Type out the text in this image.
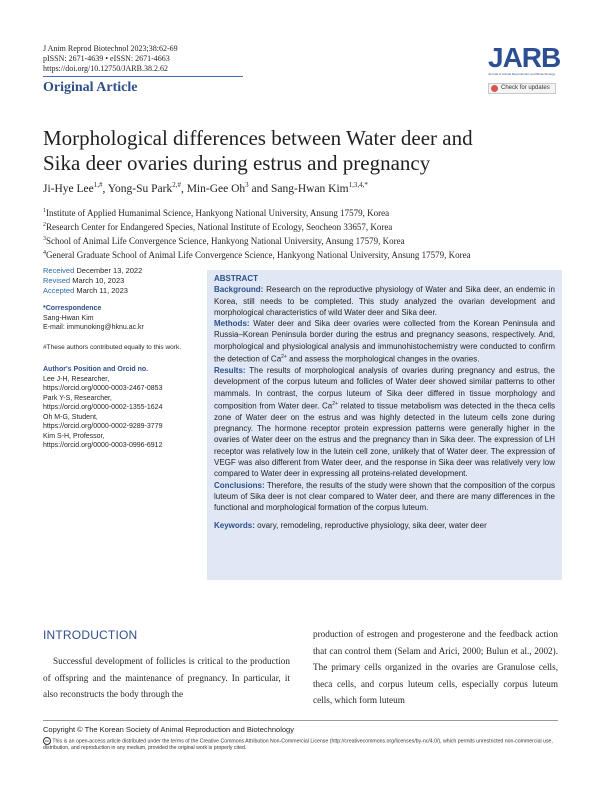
J Anim Reprod Biotechnol 2023;38:62-69
pISSN: 2671-4639 • eISSN: 2671-4663
https://doi.org/10.12750/JARB.38.2.62
Original Article
JARB
Journal of Animal Reproduction and Biotechnology
Check for updates
Morphological differences between Water deer and
Sika deer ovaries during estrus and pregnancy
Ji-Hye Lee$^{1,\#}$, Yong-Su Park$^{2,\#}$, Min-Gee Oh$^3$ and Sang-Hwan Kim$^{1,3,4,*}$
$^1$Institute of Applied Humanimal Science, Hankyong National University, Ansung 17579, Korea
$^2$Research Center for Endangered Species, National Institute of Ecology, Seocheon 33657, Korea
$^3$School of Animal Life Convergence Science, Hankyong National University, Ansung 17579, Korea
$^4$General Graduate School of Animal Life Convergence Science, Hankyong National University, Ansung 17579, Korea
Received December 13, 2022
Revised March 10, 2023
Accepted March 11, 2023
*Correspondence
Sang-Hwan Kim
E-mail: immunoking@hknu.ac.kr
#These authors contributed equally to this work.
Author's Position and Orcid no.
Lee J-H, Researcher,
https://orcid.org/0000-0003-2467-0853
Park Y-S, Researcher,
https://orcid.org/0000-0002-1355-1624
Oh M-G, Student,
https://orcid.org/0000-0002-9289-3779
Kim S-H, Professor,
https://orcid.org/0000-0003-0996-6912
ABSTRACT

Background: Research on the reproductive physiology of Water and Sika deer, an endemic in Korea, still needs to be completed. This study analyzed the ovarian development and morphological characteristics of wild Water deer and Sika deer.

Methods: Water deer and Sika deer ovaries were collected from the Korean Peninsula and Russia–Korean Peninsula border during the estrus and pregnancy seasons, respectively. And, morphological and physiological analysis and immunohistochemistry were conducted to confirm the detection of $Ca^{2+}$ and assess the morphological changes in the ovaries.

Results: The results of morphological analysis of ovaries during pregnancy and estrus, the development of the corpus luteum and follicles of Water deer showed similar patterns to other mammals. In contrast, the corpus luteum of Sika deer differed in tissue morphology and composition from Water deer. $Ca^{2+}$ related to tissue metabolism was detected in the theca cells zone of Water deer on the estrus and was highly detected in the luteum cells zone during pregnancy. The hormone receptor protein expression patterns were generally higher in the ovaries of Water deer on the estrus and the pregnancy than in Sika deer. The expression of LH receptor was relatively low in the lutein cell zone, unlikely that of Water deer. The expression of VEGF was also different from Water deer, and the response in Sika deer was relatively very low compared to Water deer in expressing all proteins-related development.

Conclusions: Therefore, the results of the study were shown that the composition of the corpus luteum of Sika deer is not clear compared to Water deer, and there are many differences in the functional and morphological formation of the corpus luteum.

Keywords: ovary, remodeling, reproductive physiology, sika deer, water deer

INTRODUCTION

Successful development of follicles is critical to the production of offspring and the maintenance of pregnancy. In particular, it also reconstructs the body through the

production of estrogen and progesterone and the feedback action that can control them (Selam and Arici, 2000; Bulun et al., 2002). The primary cells organized in the ovaries are Granulose cells, theca cells, and corpus luteum cells, especially corpus luteum cells, which form luteum

Copyright © The Korean Society of Animal Reproduction and Biotechnology
cc This is an open-access article distributed under the terms of the Creative Commons Attribution Non-Commercial License (http://creativecommons.org/licenses/by-nc/4.0/), which permits unrestricted non-commercial use, distribution, and reproduction in any medium, provided the original work is properly cited.
